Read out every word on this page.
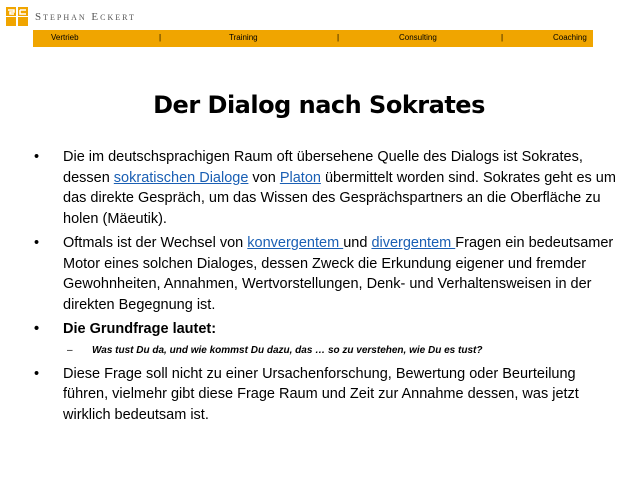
Stephan Eckert
Vertrieb	|	Training	|	Consulting	|	Coaching
Der Dialog nach Sokrates
• Die im deutschsprachigen Raum oft übersehene Quelle des Dialogs ist Sokrates, dessen sokratischen Dialoge von Platon übermittelt worden sind. Sokrates geht es um das direkte Gespräch, um das Wissen des Gesprächspartners an die Oberfläche zu holen (Mäeutik).
• Oftmals ist der Wechsel von konvergentem und divergentem Fragen ein bedeutsamer Motor eines solchen Dialoges, dessen Zweck die Erkundung eigener und fremder
Gewohnheiten, Annahmen, Wertvorstellungen, Denk- und Verhaltensweisen in der direkten Begegnung ist.
• Die Grundfrage lautet:
– Was tust Du da, und wie kommst Du dazu, das … so zu verstehen, wie Du es tust?
• Diese Frage soll nicht zu einer Ursachenforschung, Bewertung oder Beurteilung führen, vielmehr gibt diese Frage Raum und Zeit zur Annahme dessen, was jetzt wirklich bedeutsam ist.
